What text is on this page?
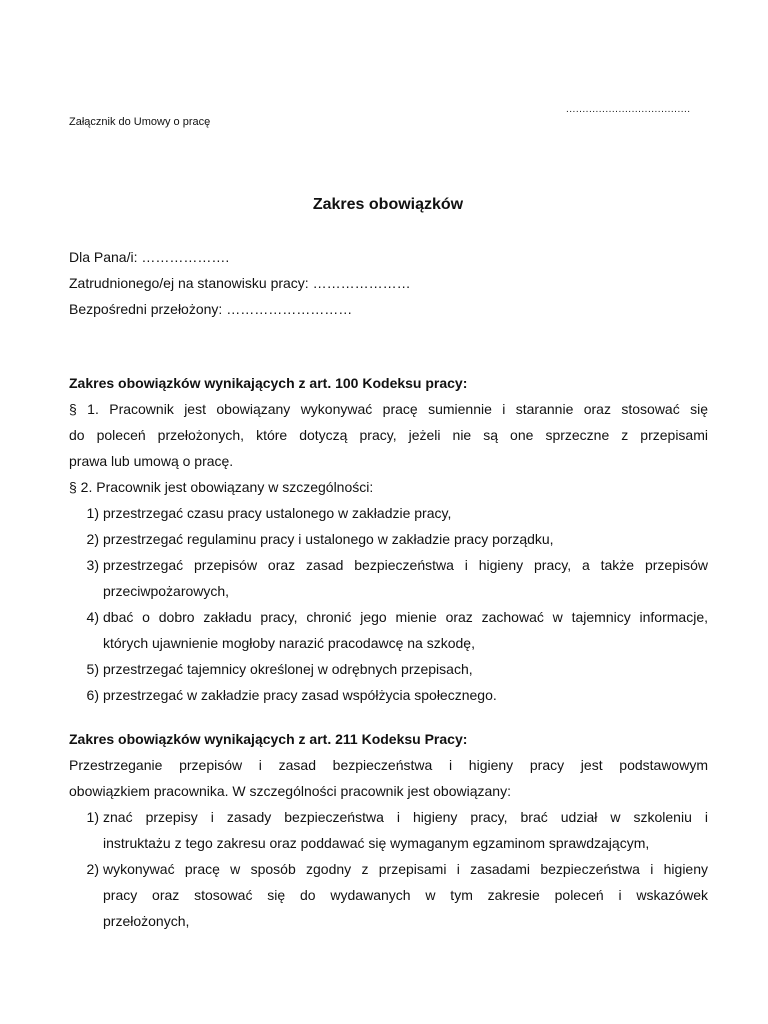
......................................
Załącznik do Umowy o pracę
Zakres obowiązków
Dla Pana/i: ……………….
Zatrudnionego/ej na stanowisku pracy: …………………
Bezpośredni przełożony: ………………………
Zakres obowiązków wynikających z art. 100 Kodeksu pracy:
§ 1. Pracownik jest obowiązany wykonywać pracę sumiennie i starannie oraz stosować się
do poleceń przełożonych, które dotyczą pracy, jeżeli nie są one sprzeczne z przepisami
prawa lub umową o pracę.
§ 2. Pracownik jest obowiązany w szczególności:
1) przestrzegać czasu pracy ustalonego w zakładzie pracy,
2) przestrzegać regulaminu pracy i ustalonego w zakładzie pracy porządku,
3) przestrzegać przepisów oraz zasad bezpieczeństwa i higieny pracy, a także przepisów
przeciwpożarowych,
4) dbać o dobro zakładu pracy, chronić jego mienie oraz zachować w tajemnicy informacje,
których ujawnienie mogłoby narazić pracodawcę na szkodę,
5) przestrzegać tajemnicy określonej w odrębnych przepisach,
6) przestrzegać w zakładzie pracy zasad współżycia społecznego.
Zakres obowiązków wynikających z art. 211 Kodeksu Pracy:
Przestrzeganie przepisów i zasad bezpieczeństwa i higieny pracy jest podstawowym
obowiązkiem pracownika. W szczególności pracownik jest obowiązany:
1) znać przepisy i zasady bezpieczeństwa i higieny pracy, brać udział w szkoleniu i
instruktażu z tego zakresu oraz poddawać się wymaganym egzaminom sprawdzającym,
2) wykonywać pracę w sposób zgodny z przepisami i zasadami bezpieczeństwa i higieny
pracy oraz stosować się do wydawanych w tym zakresie poleceń i wskazówek
przełożonych,
